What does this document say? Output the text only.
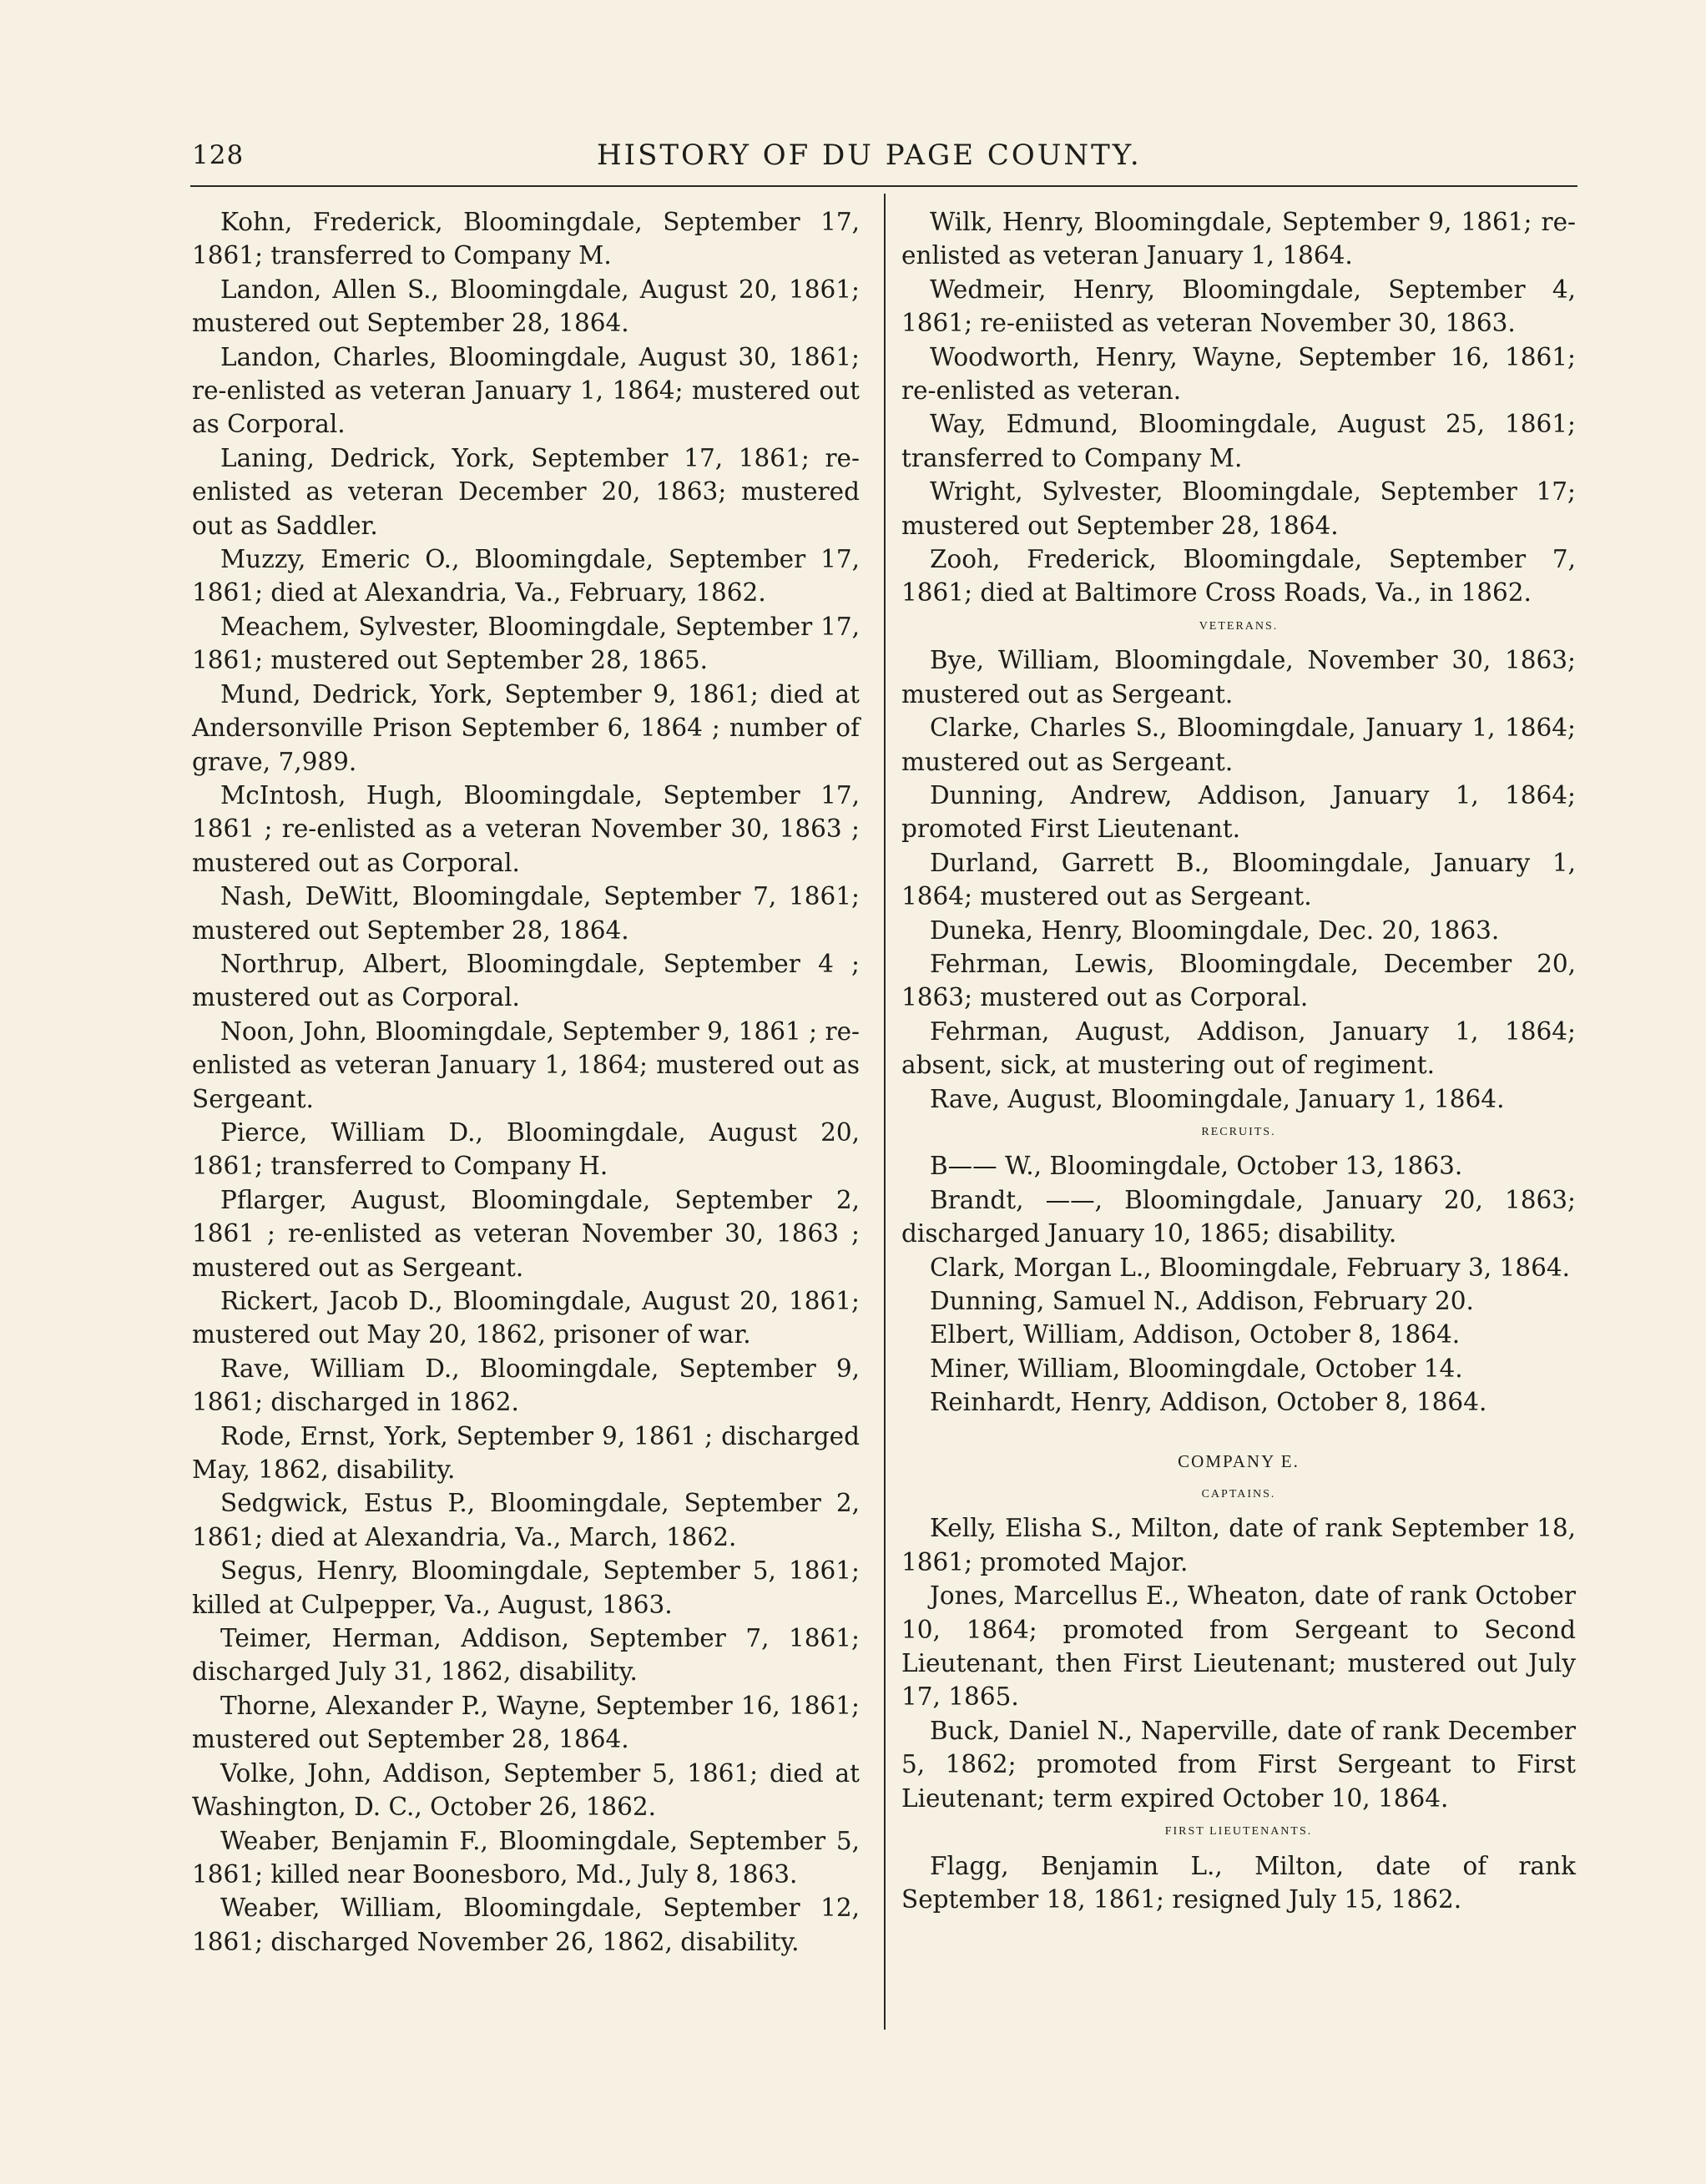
128	HISTORY OF DU PAGE COUNTY.

Kohn, Frederick, Bloomingdale, September 17, 1861; transferred to Company M.

Landon, Allen S., Bloomingdale, August 20, 1861; mustered out September 28, 1864.

Landon, Charles, Bloomingdale, August 30, 1861; re-enlisted as veteran January 1, 1864; mustered out as Corporal.

Laning, Dedrick, York, September 17, 1861; re-enlisted as veteran December 20, 1863; mustered out as Saddler.

Muzzy, Emeric O., Bloomingdale, September 17, 1861; died at Alexandria, Va., February, 1862.

Meachem, Sylvester, Bloomingdale, September 17, 1861; mustered out September 28, 1865.

Mund, Dedrick, York, September 9, 1861; died at Andersonville Prison September 6, 1864 ; number of grave, 7,989.

McIntosh, Hugh, Bloomingdale, September 17, 1861 ; re-enlisted as a veteran November 30, 1863 ; mustered out as Corporal.

Nash, DeWitt, Bloomingdale, September 7, 1861; mustered out September 28, 1864.

Northrup, Albert, Bloomingdale, September 4 ; mustered out as Corporal.

Noon, John, Bloomingdale, September 9, 1861 ; re-enlisted as veteran January 1, 1864; mustered out as Sergeant.

Pierce, William D., Bloomingdale, August 20, 1861; transferred to Company H.

Pflarger, August, Bloomingdale, September 2, 1861 ; re-enlisted as veteran November 30, 1863 ; mustered out as Sergeant.

Rickert, Jacob D., Bloomingdale, August 20, 1861; mustered out May 20, 1862, prisoner of war.

Rave, William D., Bloomingdale, September 9, 1861; discharged in 1862.

Rode, Ernst, York, September 9, 1861 ; discharged May, 1862, disability.

Sedgwick, Estus P., Bloomingdale, September 2, 1861; died at Alexandria, Va., March, 1862.

Segus, Henry, Bloomingdale, September 5, 1861; killed at Culpepper, Va., August, 1863.

Teimer, Herman, Addison, September 7, 1861; discharged July 31, 1862, disability.

Thorne, Alexander P., Wayne, September 16, 1861; mustered out September 28, 1864.

Volke, John, Addison, September 5, 1861; died at Washington, D. C., October 26, 1862.

Weaber, Benjamin F., Bloomingdale, September 5, 1861; killed near Boonesboro, Md., July 8, 1863.

Weaber, William, Bloomingdale, September 12, 1861; discharged November 26, 1862, disability.

Wilk, Henry, Bloomingdale, September 9, 1861; re-enlisted as veteran January 1, 1864.

Wedmeir, Henry, Bloomingdale, September 4, 1861; re-eniisted as veteran November 30, 1863.

Woodworth, Henry, Wayne, September 16, 1861; re-enlisted as veteran.

Way, Edmund, Bloomingdale, August 25, 1861; transferred to Company M.

Wright, Sylvester, Bloomingdale, September 17; mustered out September 28, 1864.

Zooh, Frederick, Bloomingdale, September 7, 1861; died at Baltimore Cross Roads, Va., in 1862.

VETERANS.

Bye, William, Bloomingdale, November 30, 1863; mustered out as Sergeant.

Clarke, Charles S., Bloomingdale, January 1, 1864; mustered out as Sergeant.

Dunning, Andrew, Addison, January 1, 1864; promoted First Lieutenant.

Durland, Garrett B., Bloomingdale, January 1, 1864; mustered out as Sergeant.

Duneka, Henry, Bloomingdale, Dec. 20, 1863.

Fehrman, Lewis, Bloomingdale, December 20, 1863; mustered out as Corporal.

Fehrman, August, Addison, January 1, 1864; absent, sick, at mustering out of regiment.

Rave, August, Bloomingdale, January 1, 1864.

RECRUITS.

B—— W., Bloomingdale, October 13, 1863.

Brandt, ——, Bloomingdale, January 20, 1863; discharged January 10, 1865; disability.

Clark, Morgan L., Bloomingdale, February 3, 1864.

Dunning, Samuel N., Addison, February 20.

Elbert, William, Addison, October 8, 1864.

Miner, William, Bloomingdale, October 14.

Reinhardt, Henry, Addison, October 8, 1864.

COMPANY E.

CAPTAINS.

Kelly, Elisha S., Milton, date of rank September 18, 1861; promoted Major.

Jones, Marcellus E., Wheaton, date of rank October 10, 1864; promoted from Sergeant to Second Lieutenant, then First Lieutenant; mustered out July 17, 1865.

Buck, Daniel N., Naperville, date of rank December 5, 1862; promoted from First Sergeant to First Lieutenant; term expired October 10, 1864.

FIRST LIEUTENANTS.

Flagg, Benjamin L., Milton, date of rank September 18, 1861; resigned July 15, 1862.
